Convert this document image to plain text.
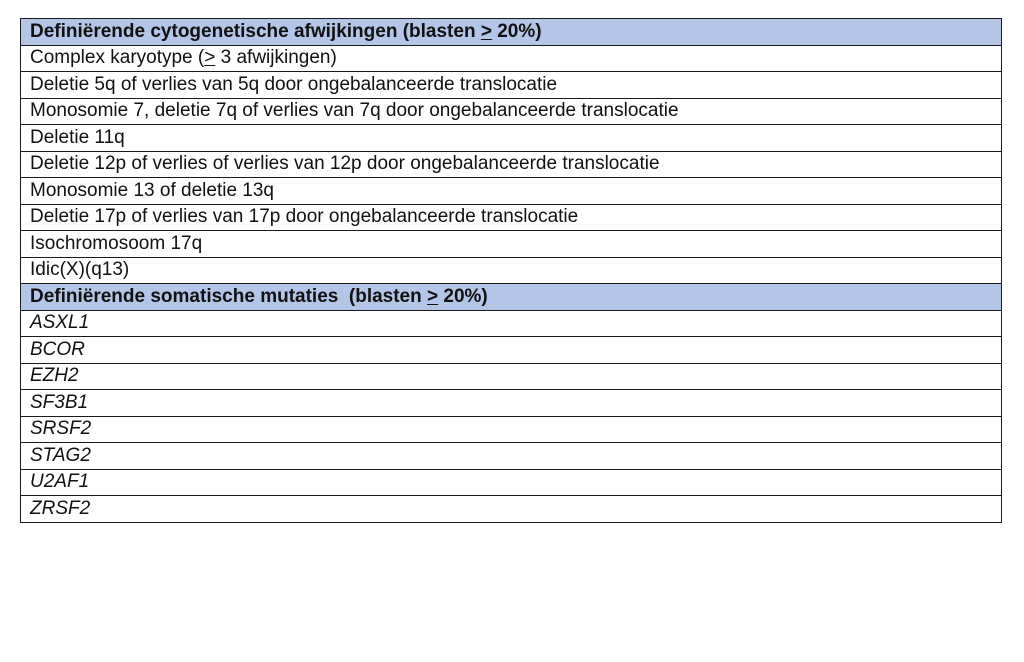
Definiërende cytogenetische afwijkingen (blasten ≥ 20%)
Complex karyotype (≥ 3 afwijkingen)
Deletie 5q of verlies van 5q door ongebalanceerde translocatie
Monosomie 7, deletie 7q of verlies van 7q door ongebalanceerde translocatie
Deletie 11q
Deletie 12p of verlies of verlies van 12p door ongebalanceerde translocatie
Monosomie 13 of deletie 13q
Deletie 17p of verlies van 17p door ongebalanceerde translocatie
Isochromosoom 17q
Idic(X)(q13)
Definiërende somatische mutaties  (blasten ≥ 20%)
ASXL1
BCOR
EZH2
SF3B1
SRSF2
STAG2
U2AF1
ZRSF2
